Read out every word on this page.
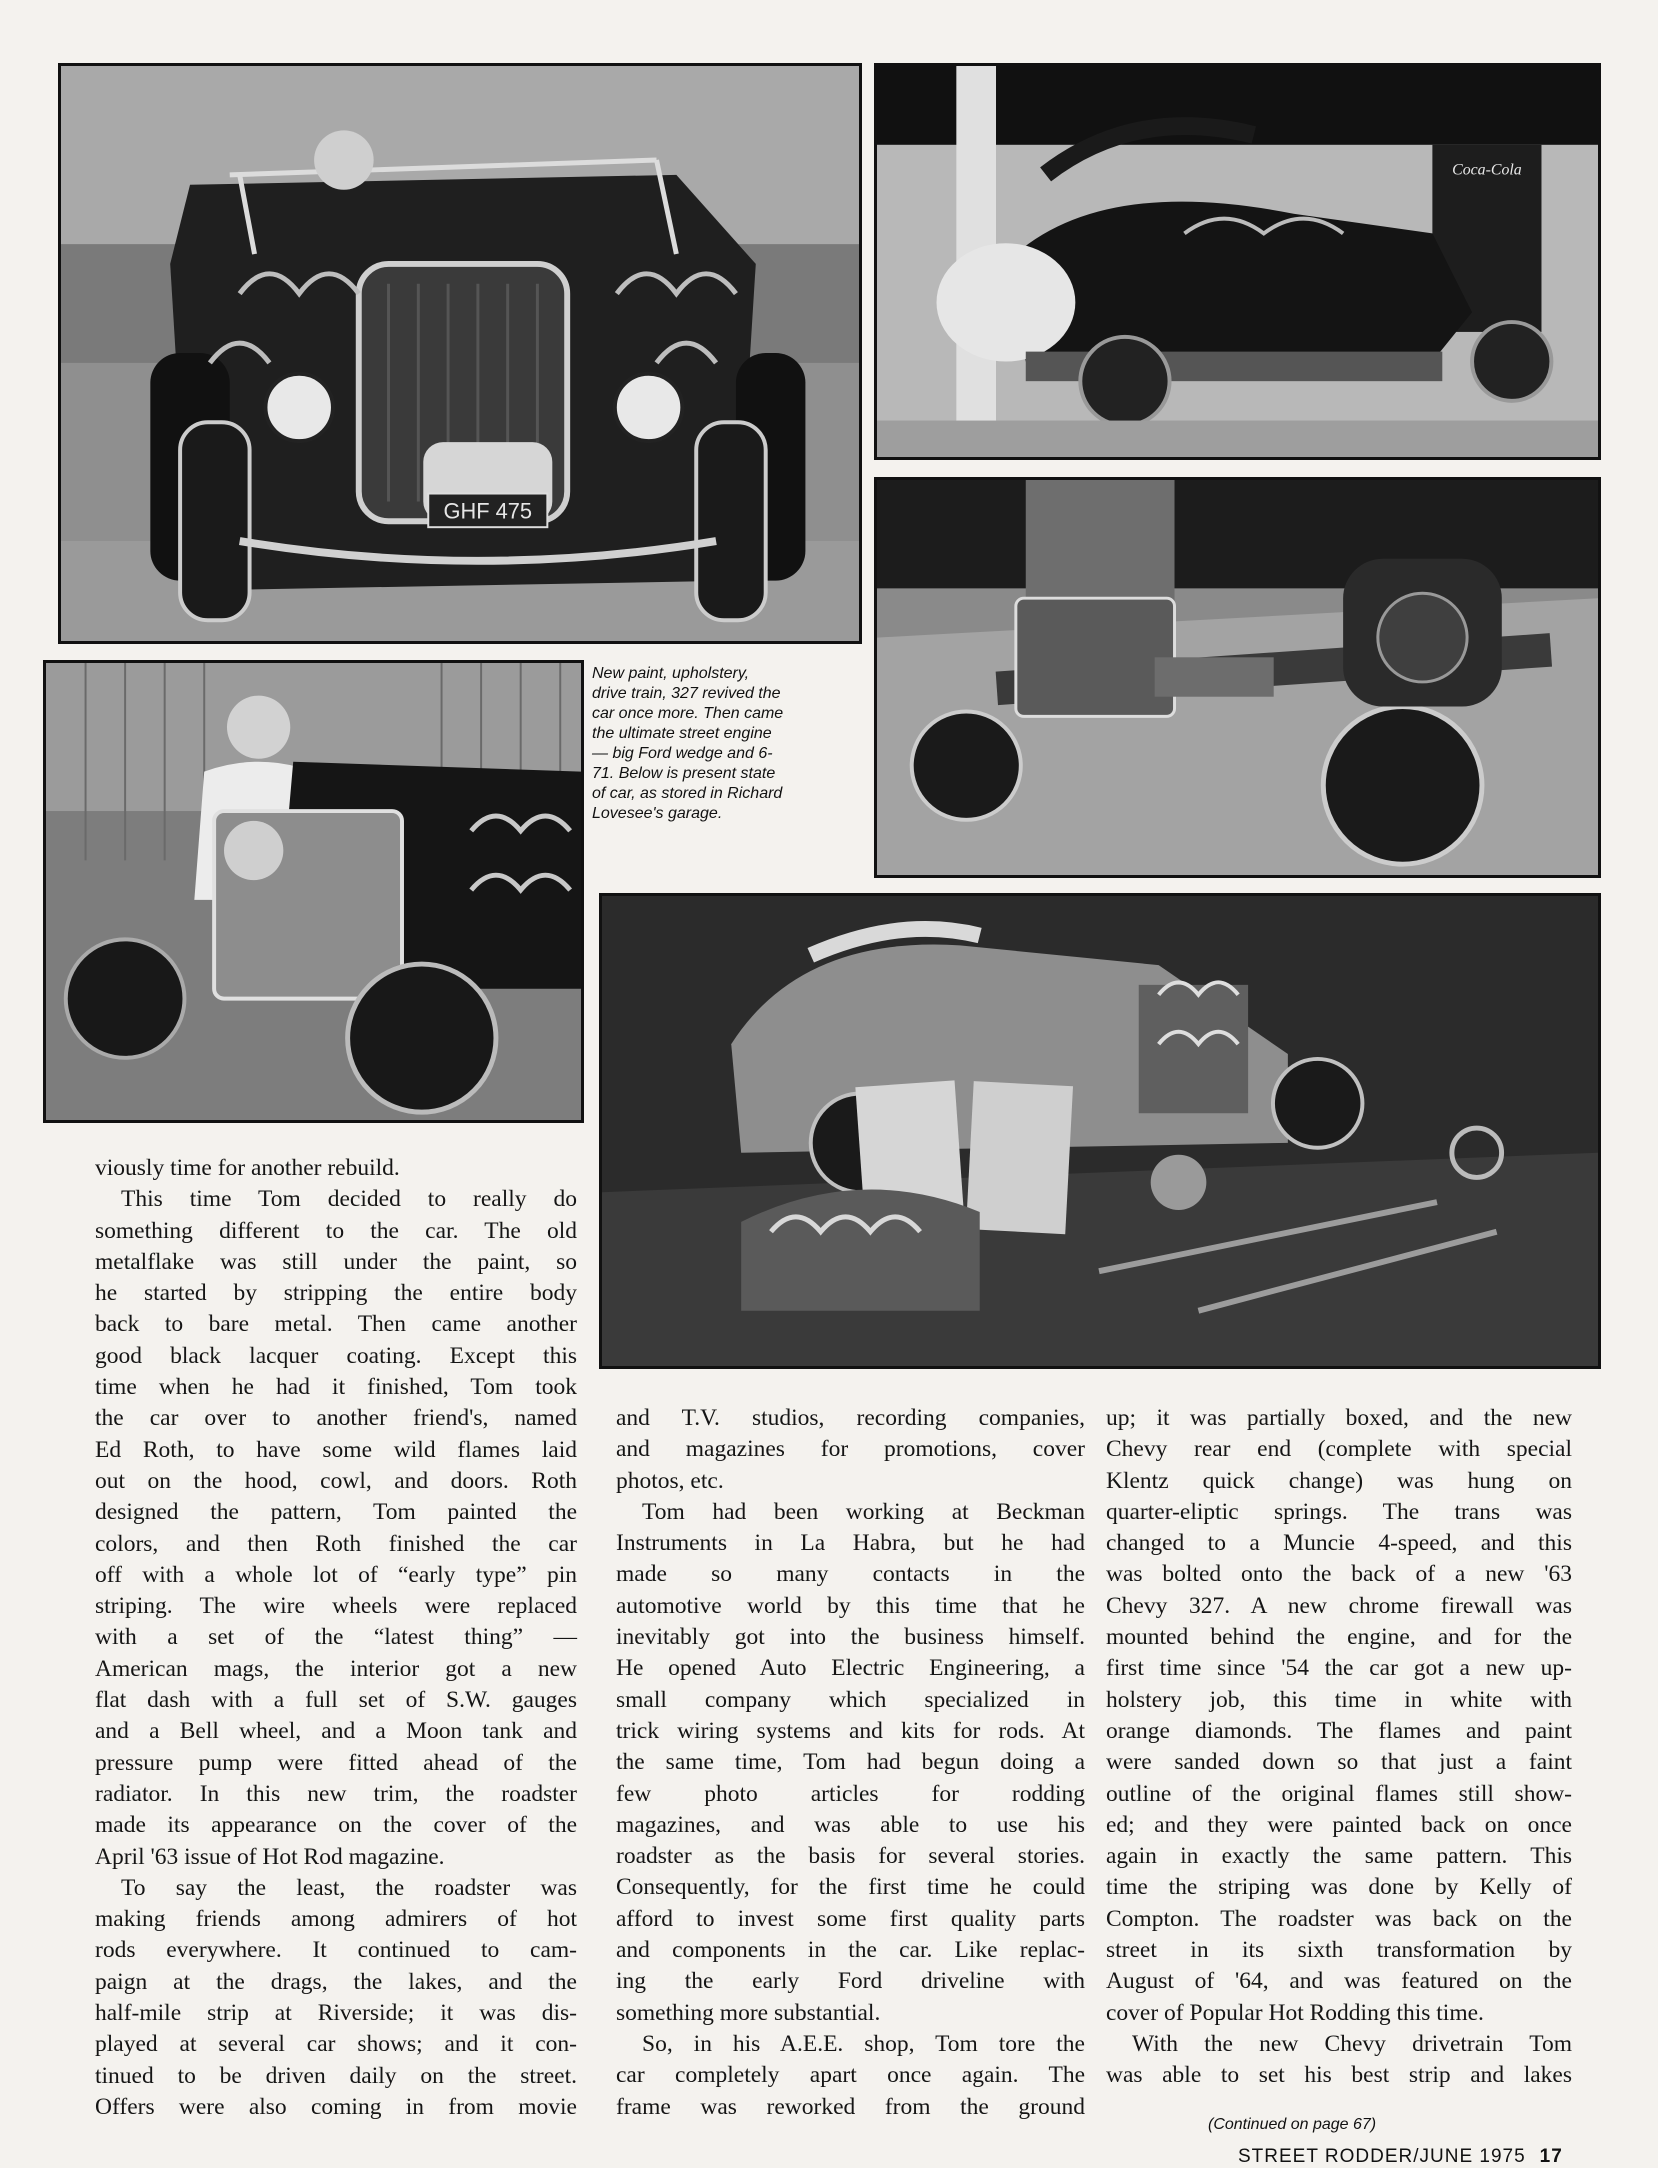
GHF 475
Coca-Cola
New paint, upholstery,
drive train, 327 revived the
car once more. Then came
the ultimate street engine
— big Ford wedge and 6-
71. Below is present state
of car, as stored in Richard
Lovesee's garage.
viously time for another rebuild.
This time Tom decided to really do
something different to the car. The old
metalflake was still under the paint, so
he started by stripping the entire body
back to bare metal. Then came another
good black lacquer coating. Except this
time when he had it finished, Tom took
the car over to another friend's, named
Ed Roth, to have some wild flames laid
out on the hood, cowl, and doors. Roth
designed the pattern, Tom painted the
colors, and then Roth finished the car
off with a whole lot of “early type” pin
striping. The wire wheels were replaced
with a set of the “latest thing” —
American mags, the interior got a new
flat dash with a full set of S.W. gauges
and a Bell wheel, and a Moon tank and
pressure pump were fitted ahead of the
radiator. In this new trim, the roadster
made its appearance on the cover of the
April '63 issue of Hot Rod magazine.
To say the least, the roadster was
making friends among admirers of hot
rods everywhere. It continued to cam-
paign at the drags, the lakes, and the
half-mile strip at Riverside; it was dis-
played at several car shows; and it con-
tinued to be driven daily on the street.
Offers were also coming in from movie
and T.V. studios, recording companies,
and magazines for promotions, cover
photos, etc.
Tom had been working at Beckman
Instruments in La Habra, but he had
made so many contacts in the
automotive world by this time that he
inevitably got into the business himself.
He opened Auto Electric Engineering, a
small company which specialized in
trick wiring systems and kits for rods. At
the same time, Tom had begun doing a
few photo articles for rodding
magazines, and was able to use his
roadster as the basis for several stories.
Consequently, for the first time he could
afford to invest some first quality parts
and components in the car. Like replac-
ing the early Ford driveline with
something more substantial.
So, in his A.E.E. shop, Tom tore the
car completely apart once again. The
frame was reworked from the ground
up; it was partially boxed, and the new
Chevy rear end (complete with special
Klentz quick change) was hung on
quarter-eliptic springs. The trans was
changed to a Muncie 4-speed, and this
was bolted onto the back of a new '63
Chevy 327. A new chrome firewall was
mounted behind the engine, and for the
first time since '54 the car got a new up-
holstery job, this time in white with
orange diamonds. The flames and paint
were sanded down so that just a faint
outline of the original flames still show-
ed; and they were painted back on once
again in exactly the same pattern. This
time the striping was done by Kelly of
Compton. The roadster was back on the
street in its sixth transformation by
August of '64, and was featured on the
cover of Popular Hot Rodding this time.
With the new Chevy drivetrain Tom
was able to set his best strip and lakes
(Continued on page 67)
STREET RODDER/JUNE 1975 17
